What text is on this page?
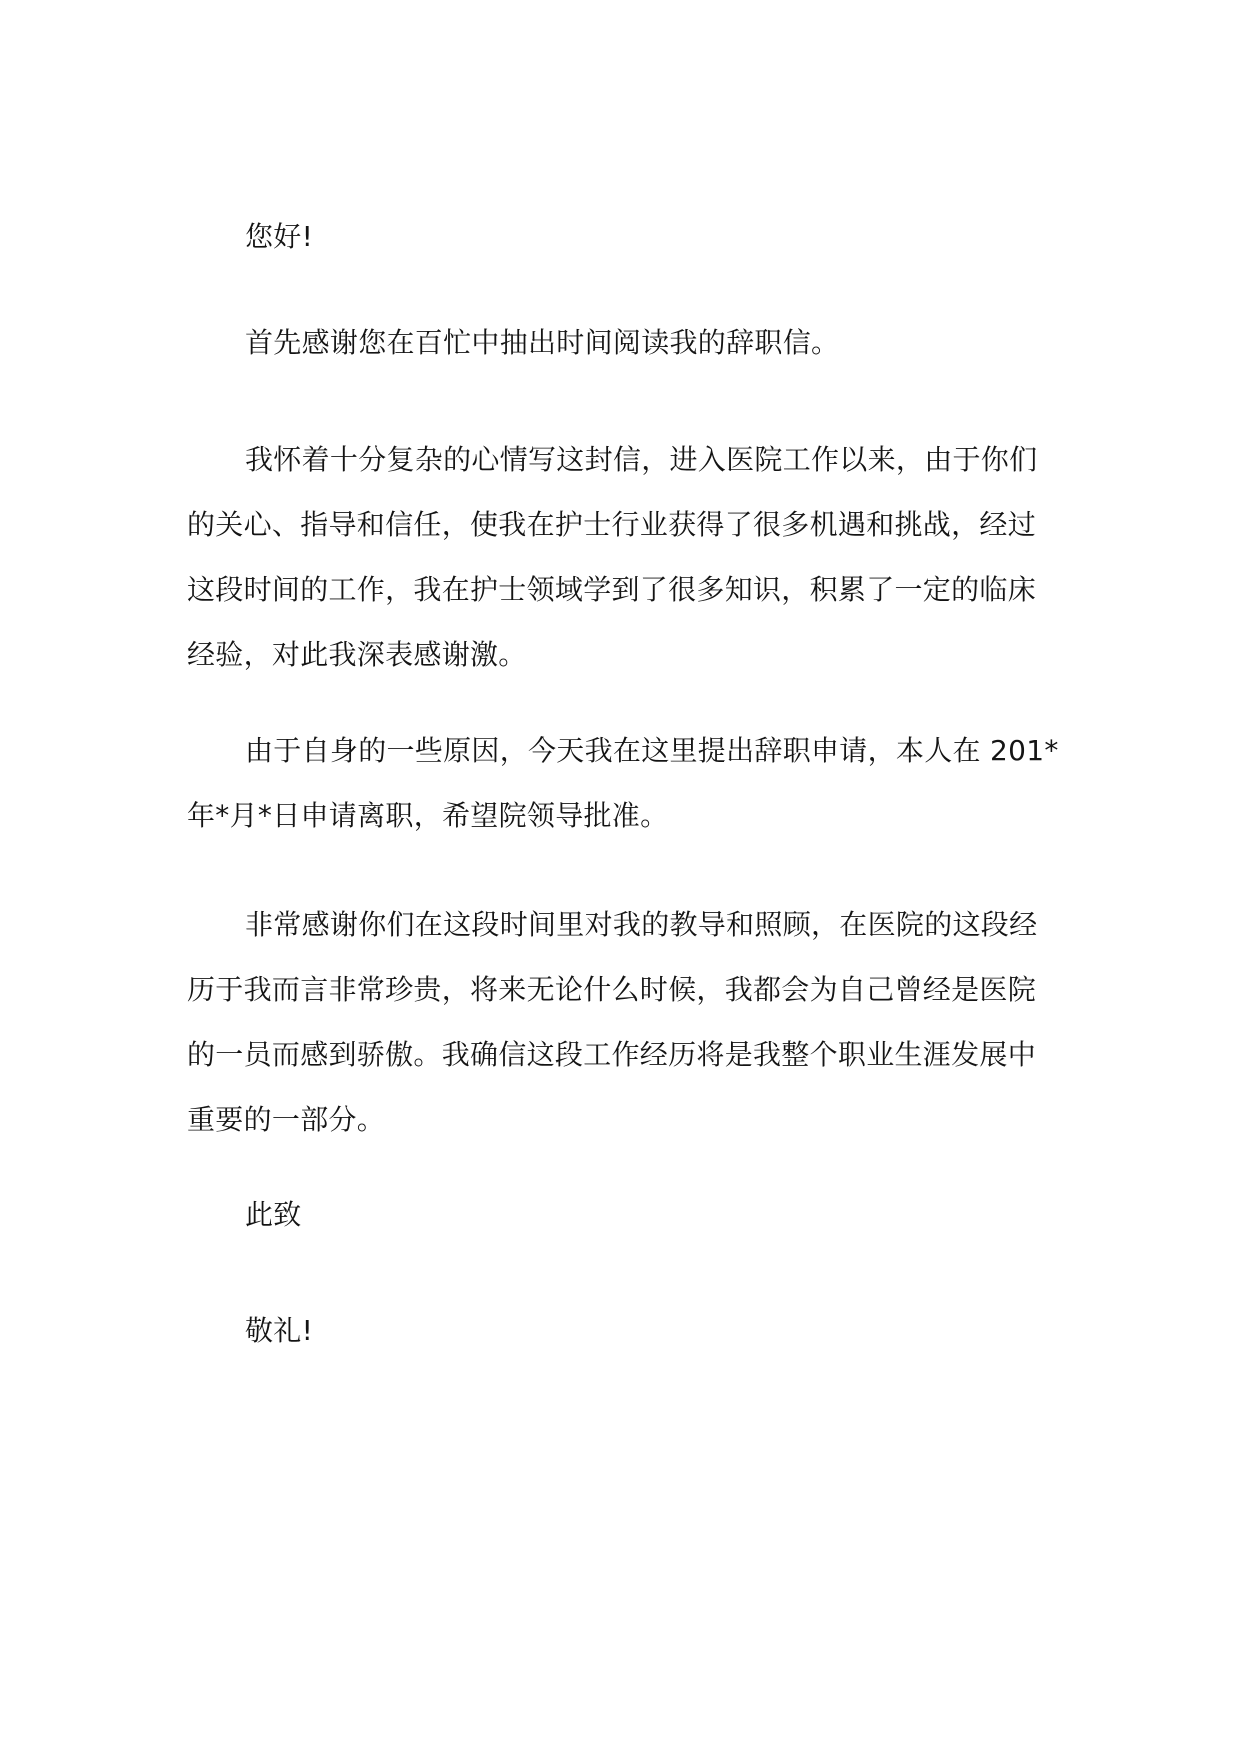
您好!

首先感谢您在百忙中抽出时间阅读我的辞职信。

我怀着十分复杂的心情写这封信，进入医院工作以来，由于你们
的关心、指导和信任，使我在护士行业获得了很多机遇和挑战，经过
这段时间的工作，我在护士领域学到了很多知识，积累了一定的临床
经验，对此我深表感谢激。
由于自身的一些原因，今天我在这里提出辞职申请，本人在 201*
年*月*日申请离职，希望院领导批准。
非常感谢你们在这段时间里对我的教导和照顾，在医院的这段经
历于我而言非常珍贵，将来无论什么时候，我都会为自己曾经是医院
的一员而感到骄傲。我确信这段工作经历将是我整个职业生涯发展中
重要的一部分。

此致

敬礼!
